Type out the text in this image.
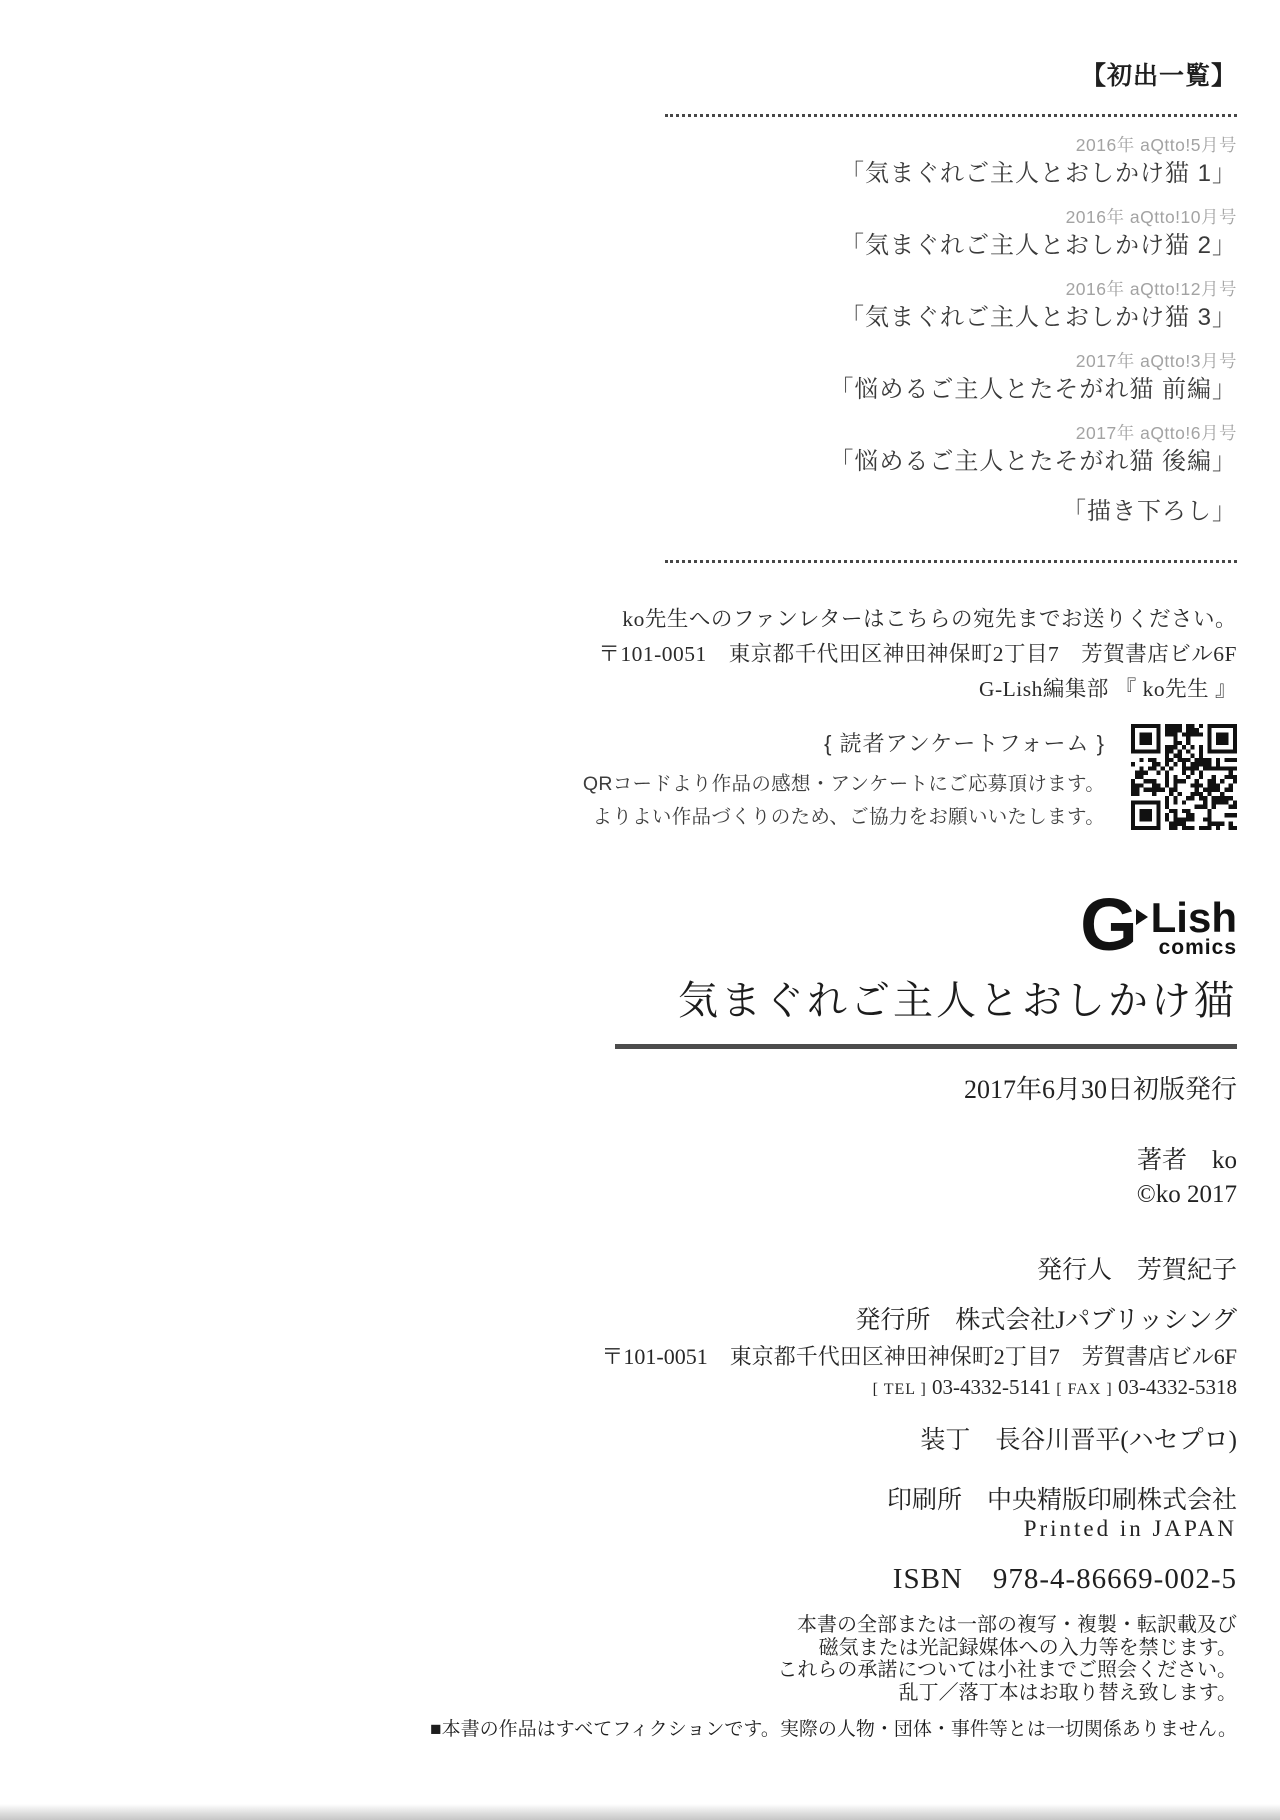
【初出一覧】
2016年 aQtto!5月号
「気まぐれご主人とおしかけ猫 1」
2016年 aQtto!10月号
「気まぐれご主人とおしかけ猫 2」
2016年 aQtto!12月号
「気まぐれご主人とおしかけ猫 3」
2017年 aQtto!3月号
「悩めるご主人とたそがれ猫 前編」
2017年 aQtto!6月号
「悩めるご主人とたそがれ猫 後編」
「描き下ろし」
ko先生へのファンレターはこちらの宛先までお送りください。
〒101-0051　東京都千代田区神田神保町2丁目7　芳賀書店ビル6F
G-Lish編集部 『 ko先生 』
{ 読者アンケートフォーム }
QRコードより作品の感想・アンケートにご応募頂けます。
よりよい作品づくりのため、ご協力をお願いいたします。
G Lish
comics
気まぐれご主人とおしかけ猫
2017年6月30日初版発行
著者　ko
©ko 2017
発行人　芳賀紀子
発行所　株式会社Jパブリッシング
〒101-0051　東京都千代田区神田神保町2丁目7　芳賀書店ビル6F
[ TEL ] 03-4332-5141 [ FAX ] 03-4332-5318
装丁　長谷川晋平(ハセプロ)
印刷所　中央精版印刷株式会社
Printed in JAPAN
ISBN　978-4-86669-002-5
本書の全部または一部の複写・複製・転訳載及び
磁気または光記録媒体への入力等を禁じます。
これらの承諾については小社までご照会ください。
乱丁／落丁本はお取り替え致します。
■本書の作品はすべてフィクションです。実際の人物・団体・事件等とは一切関係ありません。
